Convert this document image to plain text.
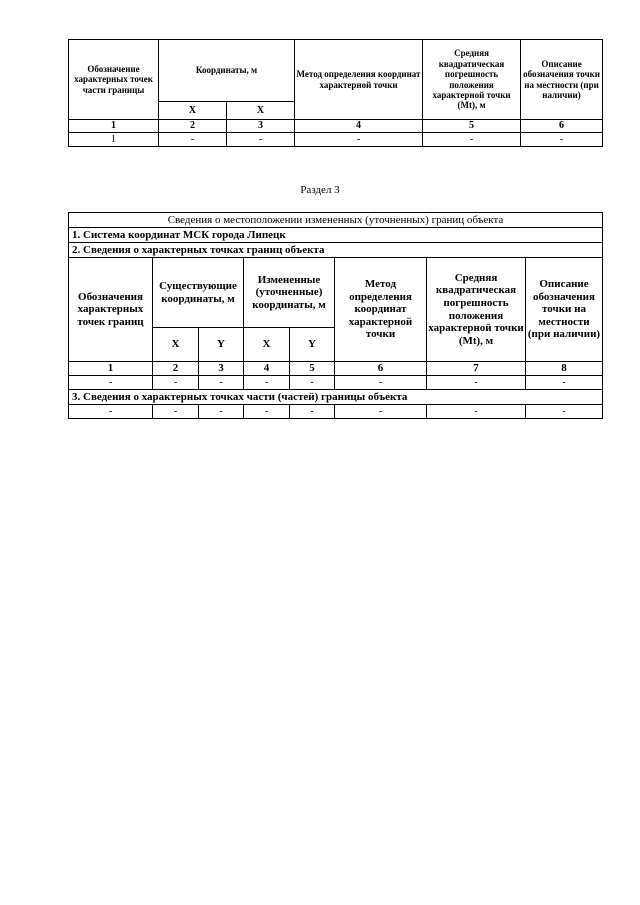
Обозначение характерных точек части границы	Координаты, м		Метод определения координат характерной точки	Средняя квадратическая погрешность положения характерной точки (Mt), м	Описание обозначения точки на местности (при наличии)
	X	Х			
1	2	3	4	5	6
1	-	-	-	-	-
Раздел 3
Сведения о местоположении измененных (уточненных) границ объекта							
1. Система координат МСК города Липецк							
2. Сведения о характерных точках границ объекта							
Обозначения характерных точек границ	Существующие координаты, м		Измененные (уточненные) координаты, м		Метод определения координат характерной точки	Средняя квадратическая погрешность положения характерной точки (Mt), м	Описание обозначения точки на местности (при наличии)
	X	Y	X	Y			
1	2	3	4	5	6	7	8
-	-	-	-	-	-	-	-
3. Сведения о характерных точках части (частей) границы объекта							
-	-	-	-	-	-	-	-
